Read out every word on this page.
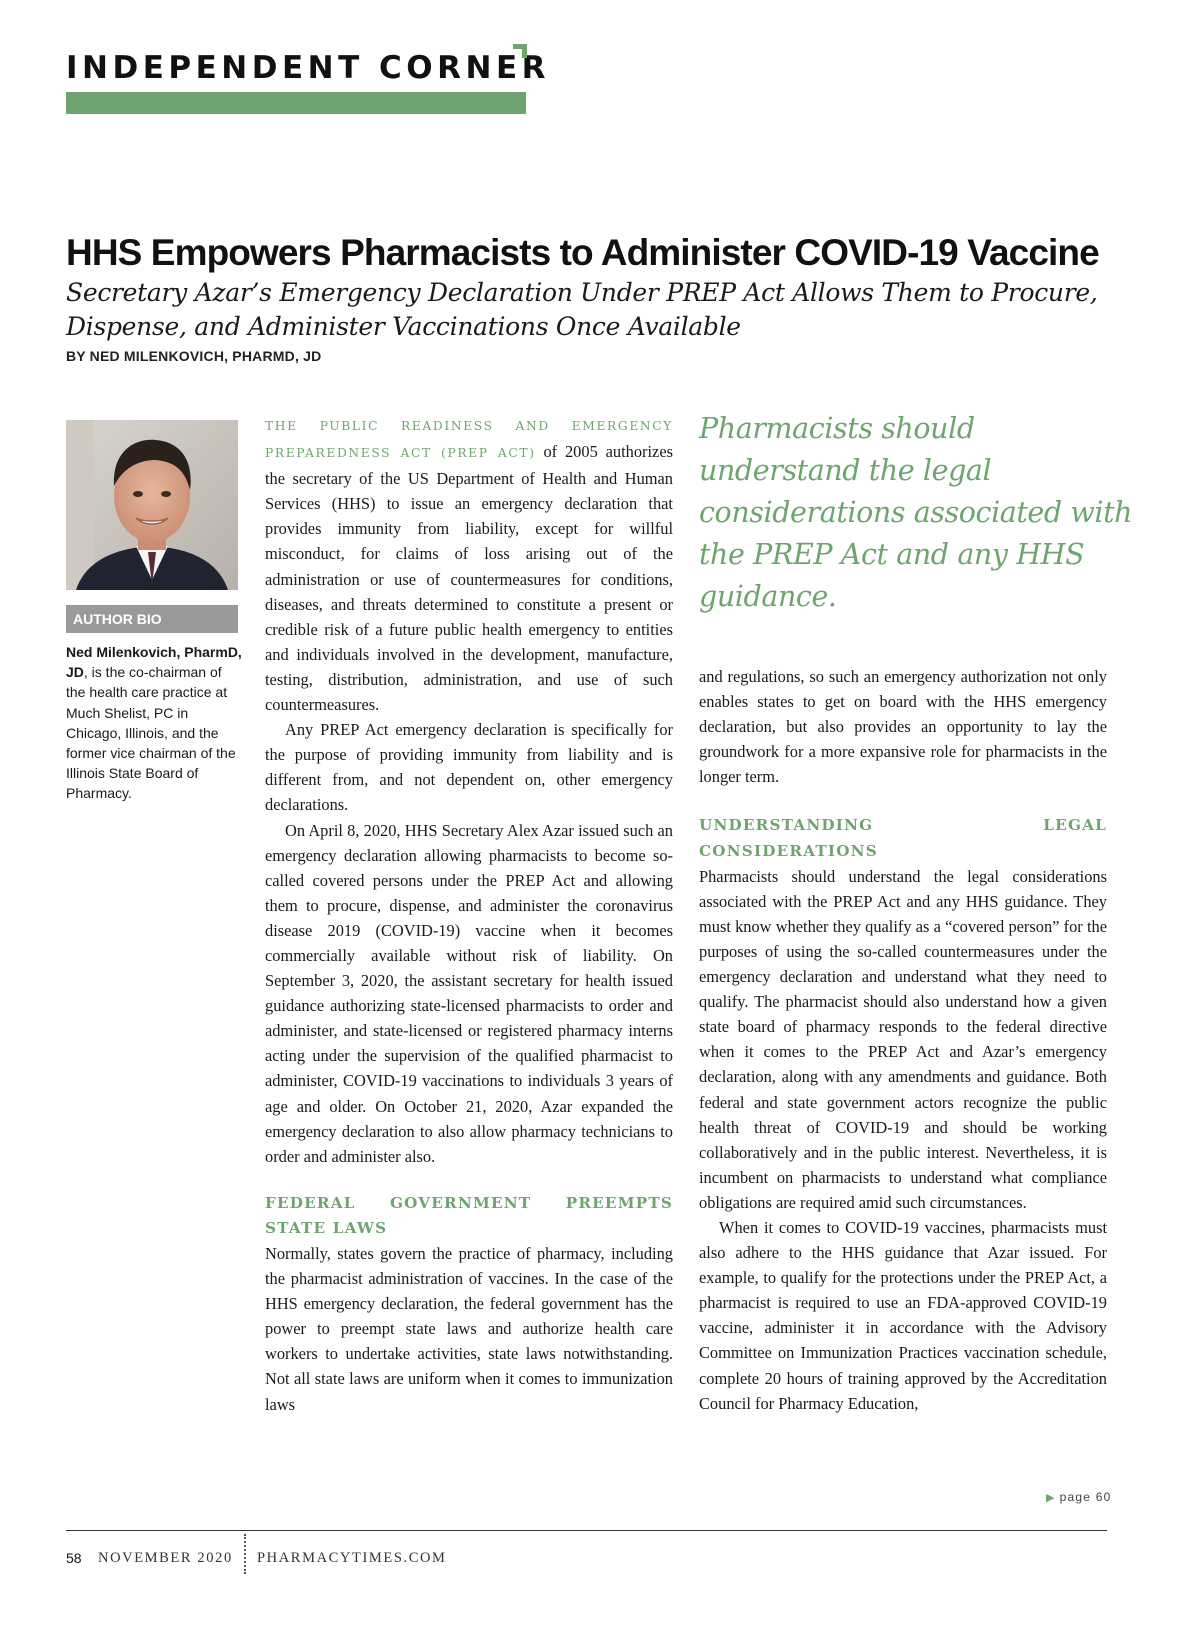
INDEPENDENT CORNER
HHS Empowers Pharmacists to Administer COVID-19 Vaccine
Secretary Azar’s Emergency Declaration Under PREP Act Allows Them to Procure, Dispense, and Administer Vaccinations Once Available
BY NED MILENKOVICH, PHARMD, JD
AUTHOR BIO
Ned Milenkovich, PharmD, JD, is the co-chairman of the health care practice at Much Shelist, PC in Chicago, Illinois, and the former vice chairman of the Illinois State Board of Pharmacy.

THE PUBLIC READINESS AND EMERGENCY PREPAREDNESS ACT (PREP ACT) of 2005 authorizes the secretary of the US Department of Health and Human Services (HHS) to issue an emergency declaration that provides immunity from liability, except for willful misconduct, for claims of loss arising out of the administration or use of countermeasures for conditions, diseases, and threats determined to constitute a present or credible risk of a future public health emergency to entities and individuals involved in the development, manufacture, testing, distribution, administration, and use of such countermeasures.

Any PREP Act emergency declaration is specifically for the purpose of providing immunity from liability and is different from, and not dependent on, other emergency declarations.

On April 8, 2020, HHS Secretary Alex Azar issued such an emergency declaration allowing pharmacists to become so-called covered persons under the PREP Act and allowing them to procure, dispense, and administer the coronavirus disease 2019 (COVID-19) vaccine when it becomes commercially available without risk of liability. On September 3, 2020, the assistant secretary for health issued guidance authorizing state-licensed pharmacists to order and administer, and state-licensed or registered pharmacy interns acting under the supervision of the qualified pharmacist to administer, COVID-19 vaccinations to individuals 3 years of age and older. On October 21, 2020, Azar expanded the emergency declaration to also allow pharmacy technicians to order and administer also.

FEDERAL GOVERNMENT PREEMPTS STATE LAWS

Normally, states govern the practice of pharmacy, including the pharmacist administration of vaccines. In the case of the HHS emergency declaration, the federal government has the power to preempt state laws and authorize health care workers to undertake activities, state laws notwithstanding. Not all state laws are uniform when it comes to immunization laws

Pharmacists should understand the legal considerations associated with the PREP Act and any HHS guidance.

and regulations, so such an emergency authorization not only enables states to get on board with the HHS emergency declaration, but also provides an opportunity to lay the groundwork for a more expansive role for pharmacists in the longer term.

UNDERSTANDING LEGAL CONSIDERATIONS

Pharmacists should understand the legal considerations associated with the PREP Act and any HHS guidance. They must know whether they qualify as a “covered person” for the purposes of using the so-called countermeasures under the emergency declaration and understand what they need to qualify. The pharmacist should also understand how a given state board of pharmacy responds to the federal directive when it comes to the PREP Act and Azar’s emergency declaration, along with any amendments and guidance. Both federal and state government actors recognize the public health threat of COVID-19 and should be working collaboratively and in the public interest. Nevertheless, it is incumbent on pharmacists to understand what compliance obligations are required amid such circumstances.

When it comes to COVID-19 vaccines, pharmacists must also adhere to the HHS guidance that Azar issued. For example, to qualify for the protections under the PREP Act, a pharmacist is required to use an FDA-approved COVID-19 vaccine, administer it in accordance with the Advisory Committee on Immunization Practices vaccination schedule, complete 20 hours of training approved by the Accreditation Council for Pharmacy Education,

▶ page 60
58 NOVEMBER 2020 PHARMACYTIMES.COM
